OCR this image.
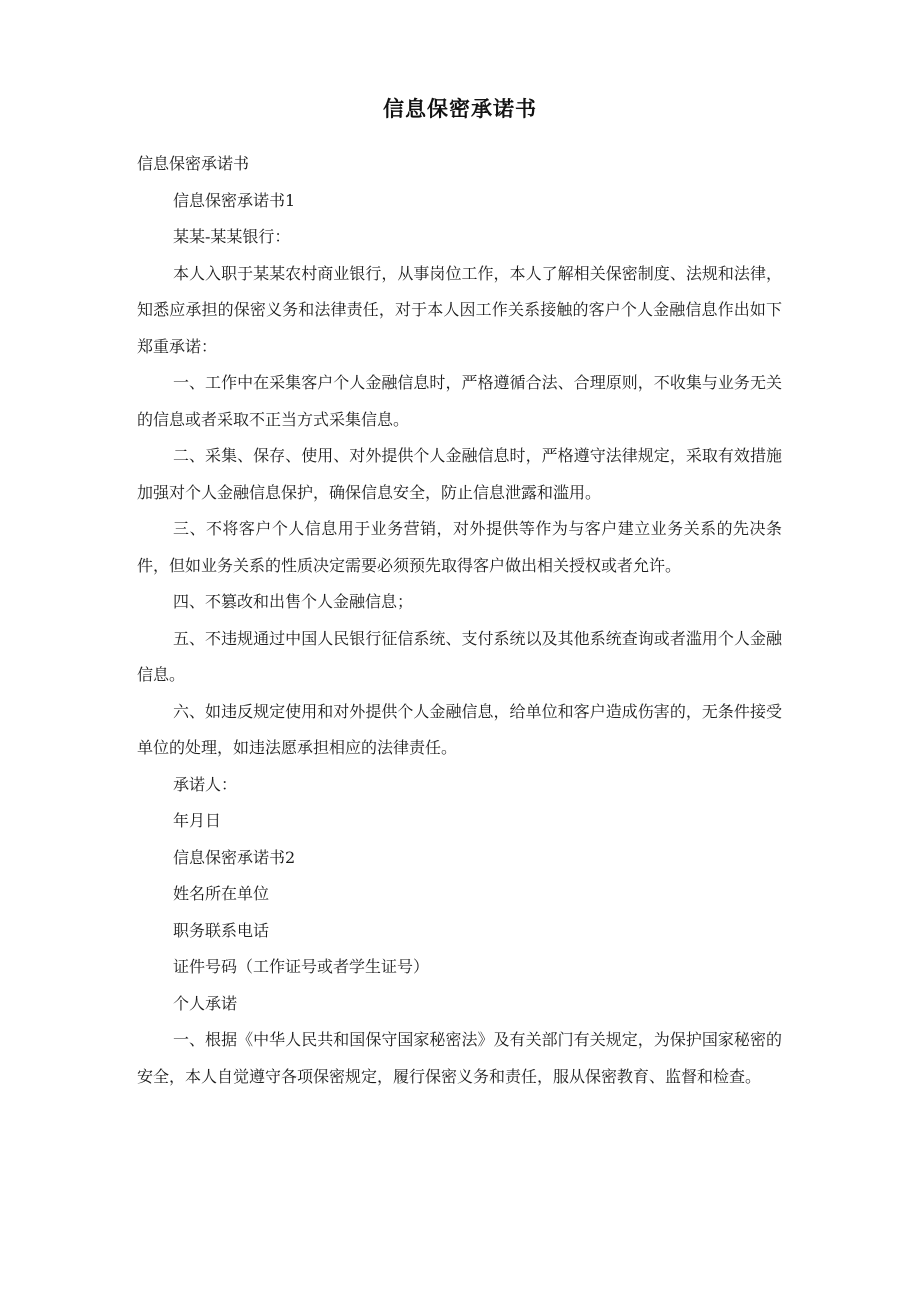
信息保密承诺书

信息保密承诺书

信息保密承诺书1

某某-某某银行：

本人入职于某某农村商业银行，从事岗位工作，本人了解相关保密制度、法规和法律，知悉应承担的保密义务和法律责任，对于本人因工作关系接触的客户个人金融信息作出如下郑重承诺：

一、工作中在采集客户个人金融信息时，严格遵循合法、合理原则，不收集与业务无关的信息或者采取不正当方式采集信息。

二、采集、保存、使用、对外提供个人金融信息时，严格遵守法律规定，采取有效措施加强对个人金融信息保护，确保信息安全，防止信息泄露和滥用。

三、不将客户个人信息用于业务营销，对外提供等作为与客户建立业务关系的先决条件，但如业务关系的性质决定需要必须预先取得客户做出相关授权或者允许。

四、不篡改和出售个人金融信息；

五、不违规通过中国人民银行征信系统、支付系统以及其他系统查询或者滥用个人金融信息。

六、如违反规定使用和对外提供个人金融信息，给单位和客户造成伤害的，无条件接受单位的处理，如违法愿承担相应的法律责任。

承诺人：

年月日

信息保密承诺书2

姓名所在单位

职务联系电话

证件号码（工作证号或者学生证号）

个人承诺

一、根据《中华人民共和国保守国家秘密法》及有关部门有关规定，为保护国家秘密的安全，本人自觉遵守各项保密规定，履行保密义务和责任，服从保密教育、监督和检查。
